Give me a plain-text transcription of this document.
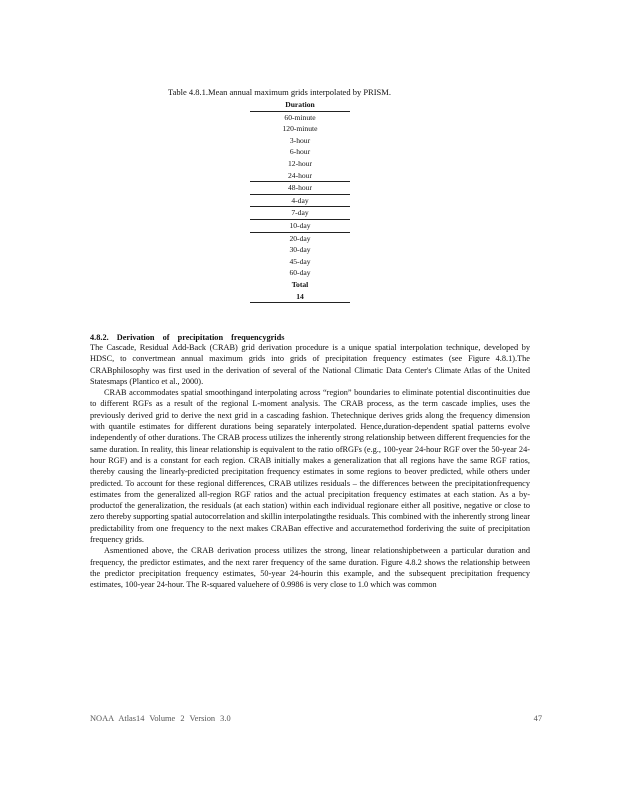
Table 4.8.1.Mean annual maximum grids interpolated by PRISM.
Duration
60-minute
120-minute
3-hour
6-hour
12-hour
24-hour
48-hour
4-day
7-day
10-day
20-day
30-day
45-day
60-day
Total
14
4.8.2. Derivation of precipitation frequencygrids

The Cascade, Residual Add-Back (CRAB) grid derivation procedure is a unique spatial interpolation technique, developed by HDSC, to convertmean annual maximum grids into grids of precipitation frequency estimates (see Figure 4.8.1).The CRABphilosophy was first used in the derivation of several of the National Climatic Data Center's Climate Atlas of the United Statesmaps (Plantico et al., 2000).

CRAB accommodates spatial smoothingand interpolating across “region” boundaries to eliminate potential discontinuities due to different RGFs as a result of the regional L-moment analysis. The CRAB process, as the term cascade implies, uses the previously derived grid to derive the next grid in a cascading fashion. Thetechnique derives grids along the frequency dimension with quantile estimates for different durations being separately interpolated. Hence,duration-dependent spatial patterns evolve independently of other durations. The CRAB process utilizes the inherently strong relationship between different frequencies for the same duration. In reality, this linear relationship is equivalent to the ratio ofRGFs (e.g., 100-year 24-hour RGF over the 50-year 24-hour RGF) and is a constant for each region. CRAB initially makes a generalization that all regions have the same RGF ratios, thereby causing the linearly-predicted precipitation frequency estimates in some regions to beover predicted, while others under predicted. To account for these regional differences, CRAB utilizes residuals – the differences between the precipitationfrequency estimates from the generalized all-region RGF ratios and the actual precipitation frequency estimates at each station. As a by-productof the generalization, the residuals (at each station) within each individual regionare either all positive, negative or close to zero thereby supporting spatial autocorrelation and skillin interpolatingthe residuals. This combined with the inherently strong linear predictability from one frequency to the next makes CRABan effective and accuratemethod forderiving the suite of precipitation frequency grids.

Asmentioned above, the CRAB derivation process utilizes the strong, linear relationshipbetween a particular duration and frequency, the predictor estimates, and the next rarer frequency of the same duration. Figure 4.8.2 shows the relationship between the predictor precipitation frequency estimates, 50-year 24-hourin this example, and the subsequent precipitation frequency estimates, 100-year 24-hour. The R-squared valuehere of 0.9986 is very close to 1.0 which was common

NOAA Atlas14 Volume 2 Version 3.0	47
